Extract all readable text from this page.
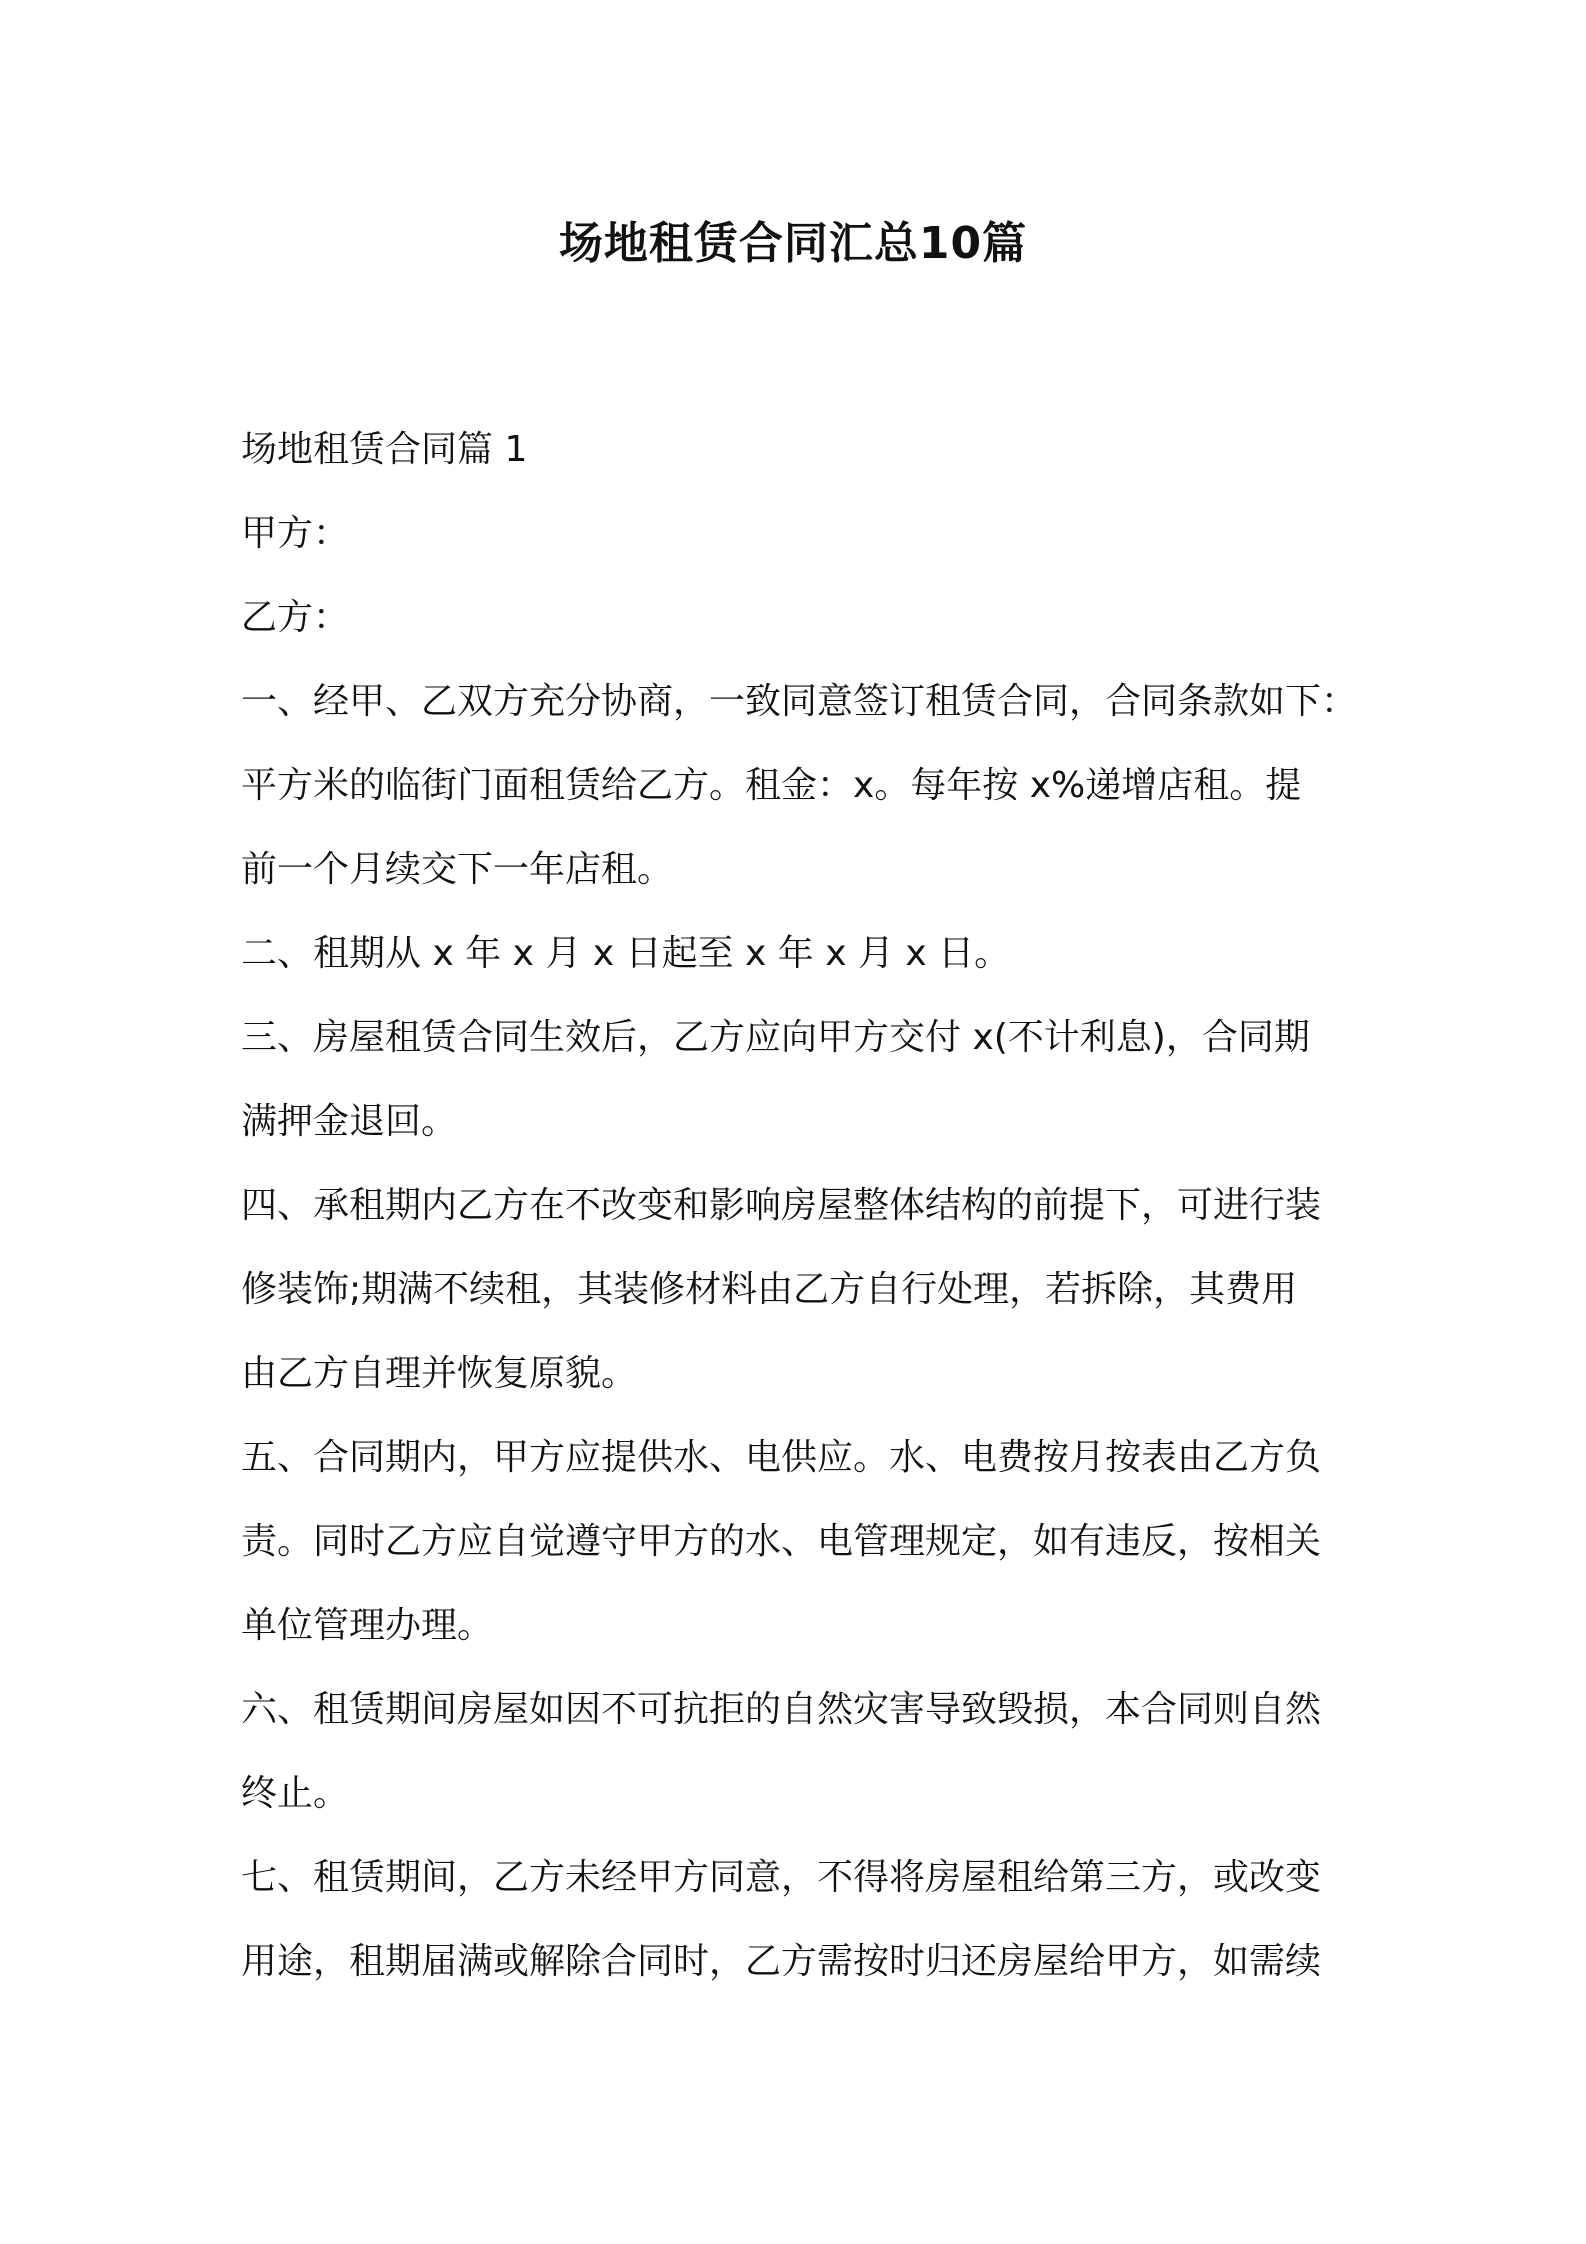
场地租赁合同汇总10篇
场地租赁合同篇 1
甲方：
乙方：
一、经甲、乙双方充分协商，一致同意签订租赁合同，合同条款如下：
平方米的临街门面租赁给乙方。租金：x。每年按 x%递增店租。提
前一个月续交下一年店租。
二、租期从 x 年 x 月 x 日起至 x 年 x 月 x 日。
三、房屋租赁合同生效后，乙方应向甲方交付 x(不计利息)，合同期
满押金退回。
四、承租期内乙方在不改变和影响房屋整体结构的前提下，可进行装
修装饰;期满不续租，其装修材料由乙方自行处理，若拆除，其费用
由乙方自理并恢复原貌。
五、合同期内，甲方应提供水、电供应。水、电费按月按表由乙方负
责。同时乙方应自觉遵守甲方的水、电管理规定，如有违反，按相关
单位管理办理。
六、租赁期间房屋如因不可抗拒的自然灾害导致毁损，本合同则自然
终止。
七、租赁期间，乙方未经甲方同意，不得将房屋租给第三方，或改变
用途，租期届满或解除合同时，乙方需按时归还房屋给甲方，如需续
